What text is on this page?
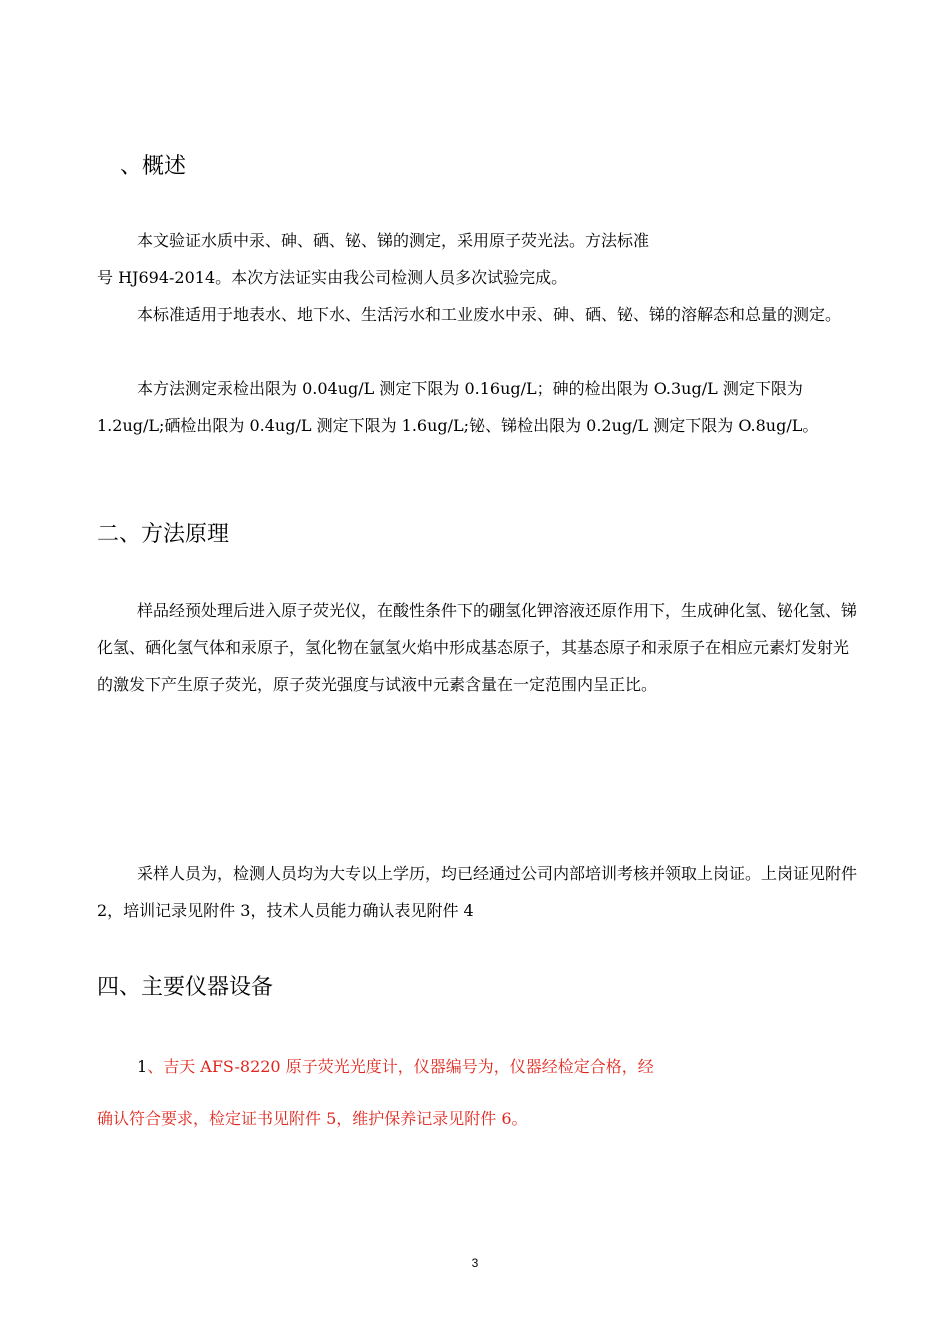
、概述

本文验证水质中汞、砷、硒、铋、锑的测定，采用原子荧光法。方法标准

号 HJ694-2014。本次方法证实由我公司检测人员多次试验完成。

本标准适用于地表水、地下水、生活污水和工业废水中汞、砷、硒、铋、锑的溶解态和总量的测定。

本方法测定汞检出限为 0.04ug/L 测定下限为 0.16ug/L；砷的检出限为 O.3ug/L 测定下限为 1.2ug/L;硒检出限为 0.4ug/L 测定下限为 1.6ug/L;铋、锑检出限为 0.2ug/L 测定下限为 O.8ug/L。

二、方法原理

样品经预处理后进入原子荧光仪，在酸性条件下的硼氢化钾溶液还原作用下，生成砷化氢、铋化氢、锑化氢、硒化氢气体和汞原子，氢化物在氩氢火焰中形成基态原子，其基态原子和汞原子在相应元素灯发射光的激发下产生原子荧光，原子荧光强度与试液中元素含量在一定范围内呈正比。

采样人员为，检测人员均为大专以上学历，均已经通过公司内部培训考核并领取上岗证。上岗证见附件 2，培训记录见附件 3，技术人员能力确认表见附件 4

四、主要仪器设备

1、吉天 AFS-8220 原子荧光光度计，仪器编号为，仪器经检定合格，经

确认符合要求，检定证书见附件 5，维护保养记录见附件 6。

3
